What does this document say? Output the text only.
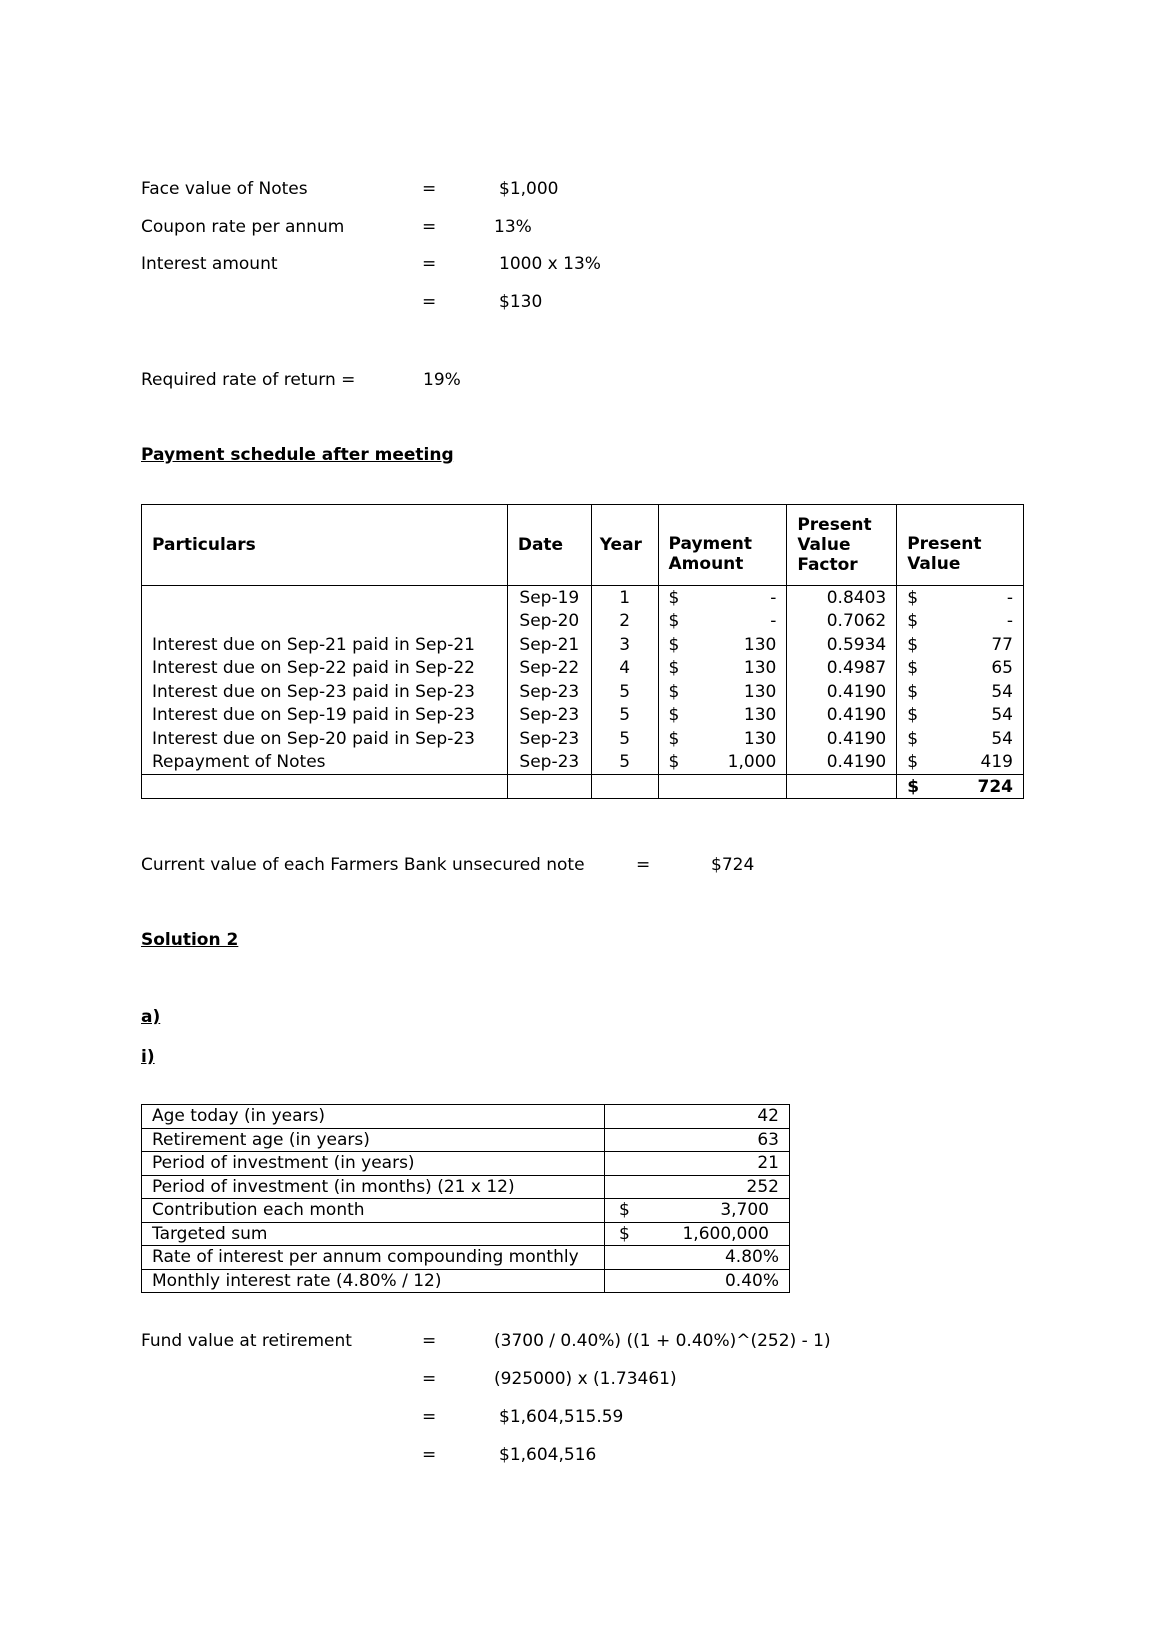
Face value of Notes	=	$1,000
Coupon rate per annum	=	13%
Interest amount	=	1000 x 13%
=	$130
Required rate of return =	19%
Payment schedule after meeting
Particulars	Date	Year	Payment Amount	Present Value Factor	Present Value
	Sep-19	1	$ -	0.8403	$ -

	Sep-20	2	$ -	0.7062	$ -

Interest due on Sep-21 paid in Sep-21	Sep-21	3	$ 130	0.5934	$ 77

Interest due on Sep-22 paid in Sep-22	Sep-22	4	$ 130	0.4987	$ 65

Interest due on Sep-23 paid in Sep-23	Sep-23	5	$ 130	0.4190	$ 54

Interest due on Sep-19 paid in Sep-23	Sep-23	5	$ 130	0.4190	$ 54

Interest due on Sep-20 paid in Sep-23	Sep-23	5	$ 130	0.4190	$ 54

Repayment of Notes	Sep-23	5	$ 1,000	0.4190	$ 419

					$ 724
Current value of each Farmers Bank unsecured note	=	$724
Solution 2
a)
i)
Age today (in years)	42

Retirement age (in years)	63

Period of investment (in years)	21

Period of investment (in months) (21 x 12)	252

Contribution each month	$ 3,700

Targeted sum	$ 1,600,000

Rate of interest per annum compounding monthly	4.80%

Monthly interest rate (4.80% / 12)	0.40%
Fund value at retirement	=	(3700 / 0.40%) ((1 + 0.40%)^(252) - 1)
=	(925000) x (1.73461)
=	$1,604,515.59
=	$1,604,516
